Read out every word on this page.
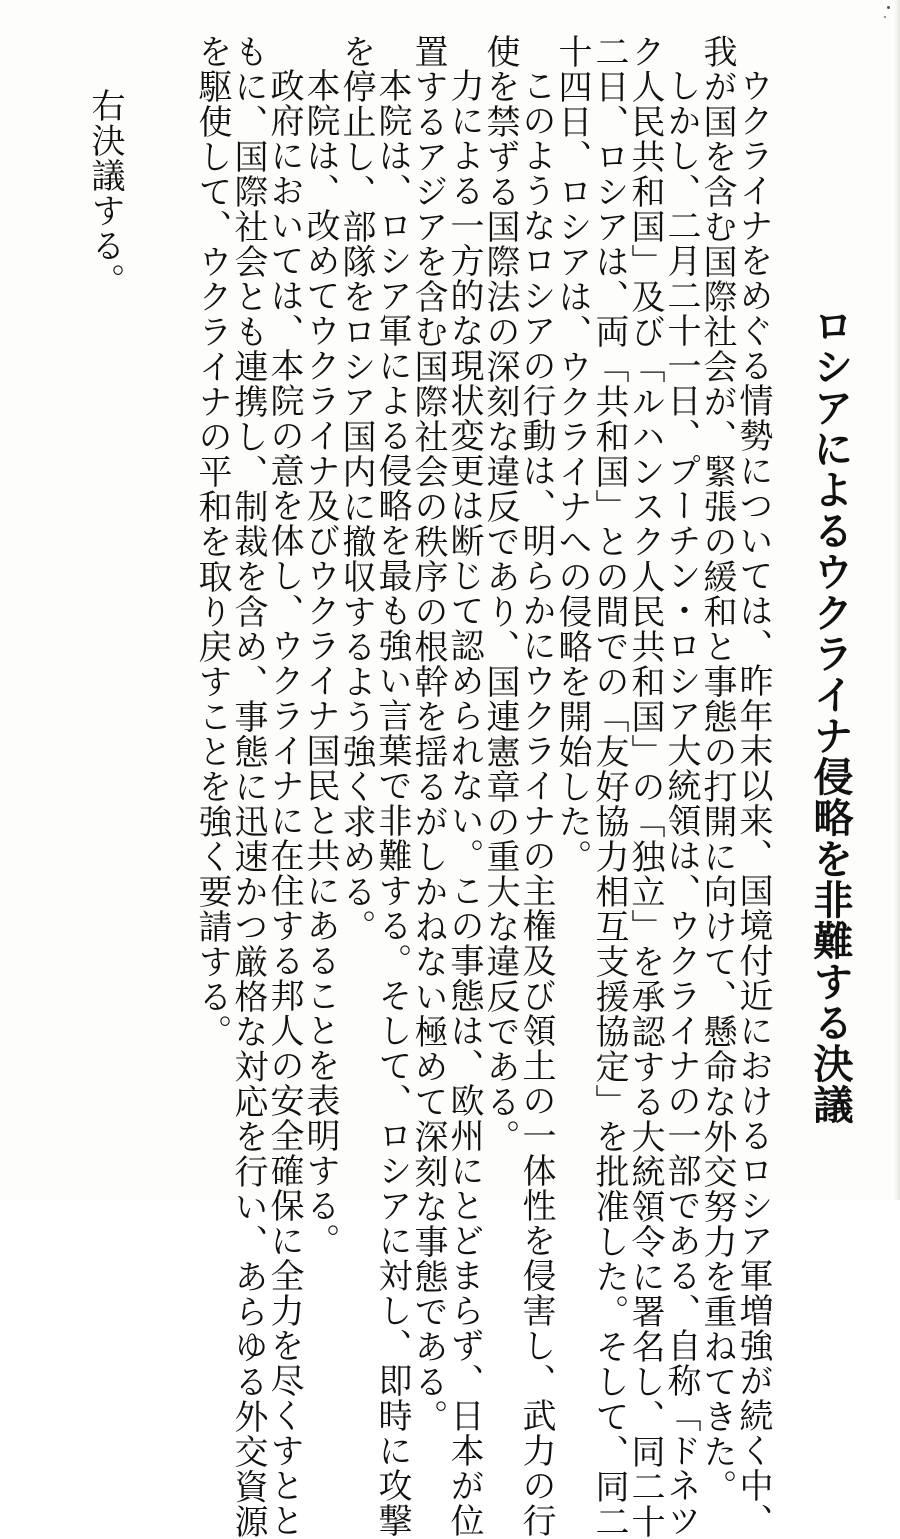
ロシアによるウクライナ侵略を非難する決議
ウクライナをめぐる情勢については、昨年末以来、国境付近におけるロシア軍増強が続く中、
我が国を含む国際社会が、緊張の緩和と事態の打開に向けて、懸命な外交努力を重ねてきた。
しかし、二月二十一日、プーチン・ロシア大統領は、ウクライナの一部である、自称「ドネツ
ク人民共和国」及び「ルハンスク人民共和国」の「独立」を承認する大統領令に署名し、同二十
二日、ロシアは、両「共和国」との間での「友好協力相互支援協定」を批准した。そして、同二
十四日、ロシアは、ウクライナへの侵略を開始した。
このようなロシアの行動は、明らかにウクライナの主権及び領土の一体性を侵害し、武力の行
使を禁ずる国際法の深刻な違反であり、国連憲章の重大な違反である。
力による一方的な現状変更は断じて認められない。この事態は、欧州にとどまらず、日本が位
置するアジアを含む国際社会の秩序の根幹を揺るがしかねない極めて深刻な事態である。
本院は、ロシア軍による侵略を最も強い言葉で非難する。そして、ロシアに対し、即時に攻撃
を停止し、部隊をロシア国内に撤収するよう強く求める。
本院は、改めてウクライナ及びウクライナ国民と共にあることを表明する。
政府においては、本院の意を体し、ウクライナに在住する邦人の安全確保に全力を尽くすとと
もに、国際社会とも連携し、制裁を含め、事態に迅速かつ厳格な対応を行い、あらゆる外交資源
を駆使して、ウクライナの平和を取り戻すことを強く要請する。
右決議する。
